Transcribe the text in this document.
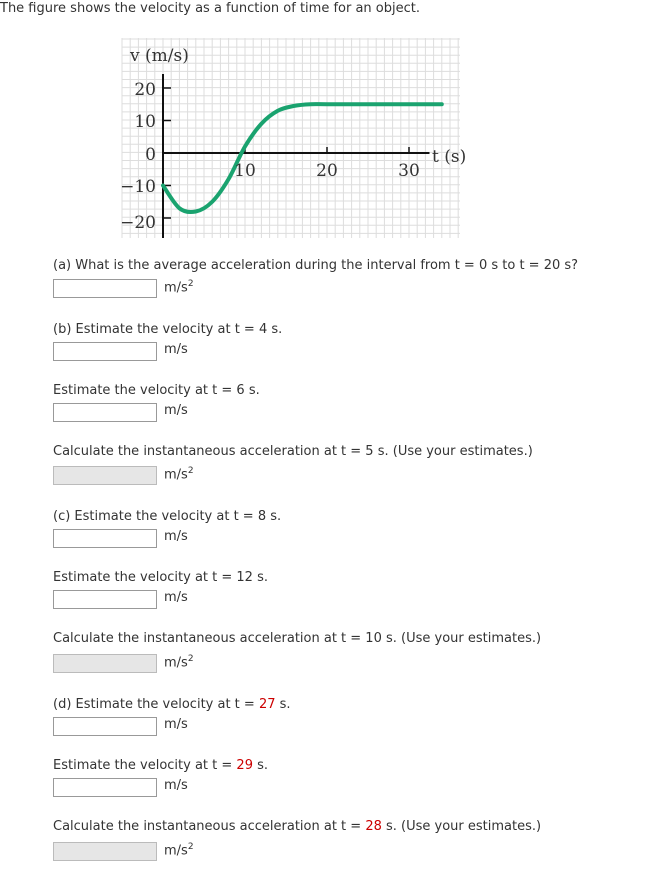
The figure shows the velocity as a function of time for an object.
v (m/s)
t (s)
20
10
0
−10
−20
10	20	30
(a) What is the average acceleration during the interval from t = 0 s to t = 20 s?
$m/s^2$
(b) Estimate the velocity at t = 4 s.
m/s
Estimate the velocity at t = 6 s.
m/s
Calculate the instantaneous acceleration at t = 5 s. (Use your estimates.)
$m/s^2$
(c) Estimate the velocity at t = 8 s.
m/s
Estimate the velocity at t = 12 s.
m/s
Calculate the instantaneous acceleration at t = 10 s. (Use your estimates.)
$m/s^2$
(d) Estimate the velocity at t = 27 s.
m/s
Estimate the velocity at t = 29 s.
m/s
Calculate the instantaneous acceleration at t = 28 s. (Use your estimates.)
$m/s^2$
